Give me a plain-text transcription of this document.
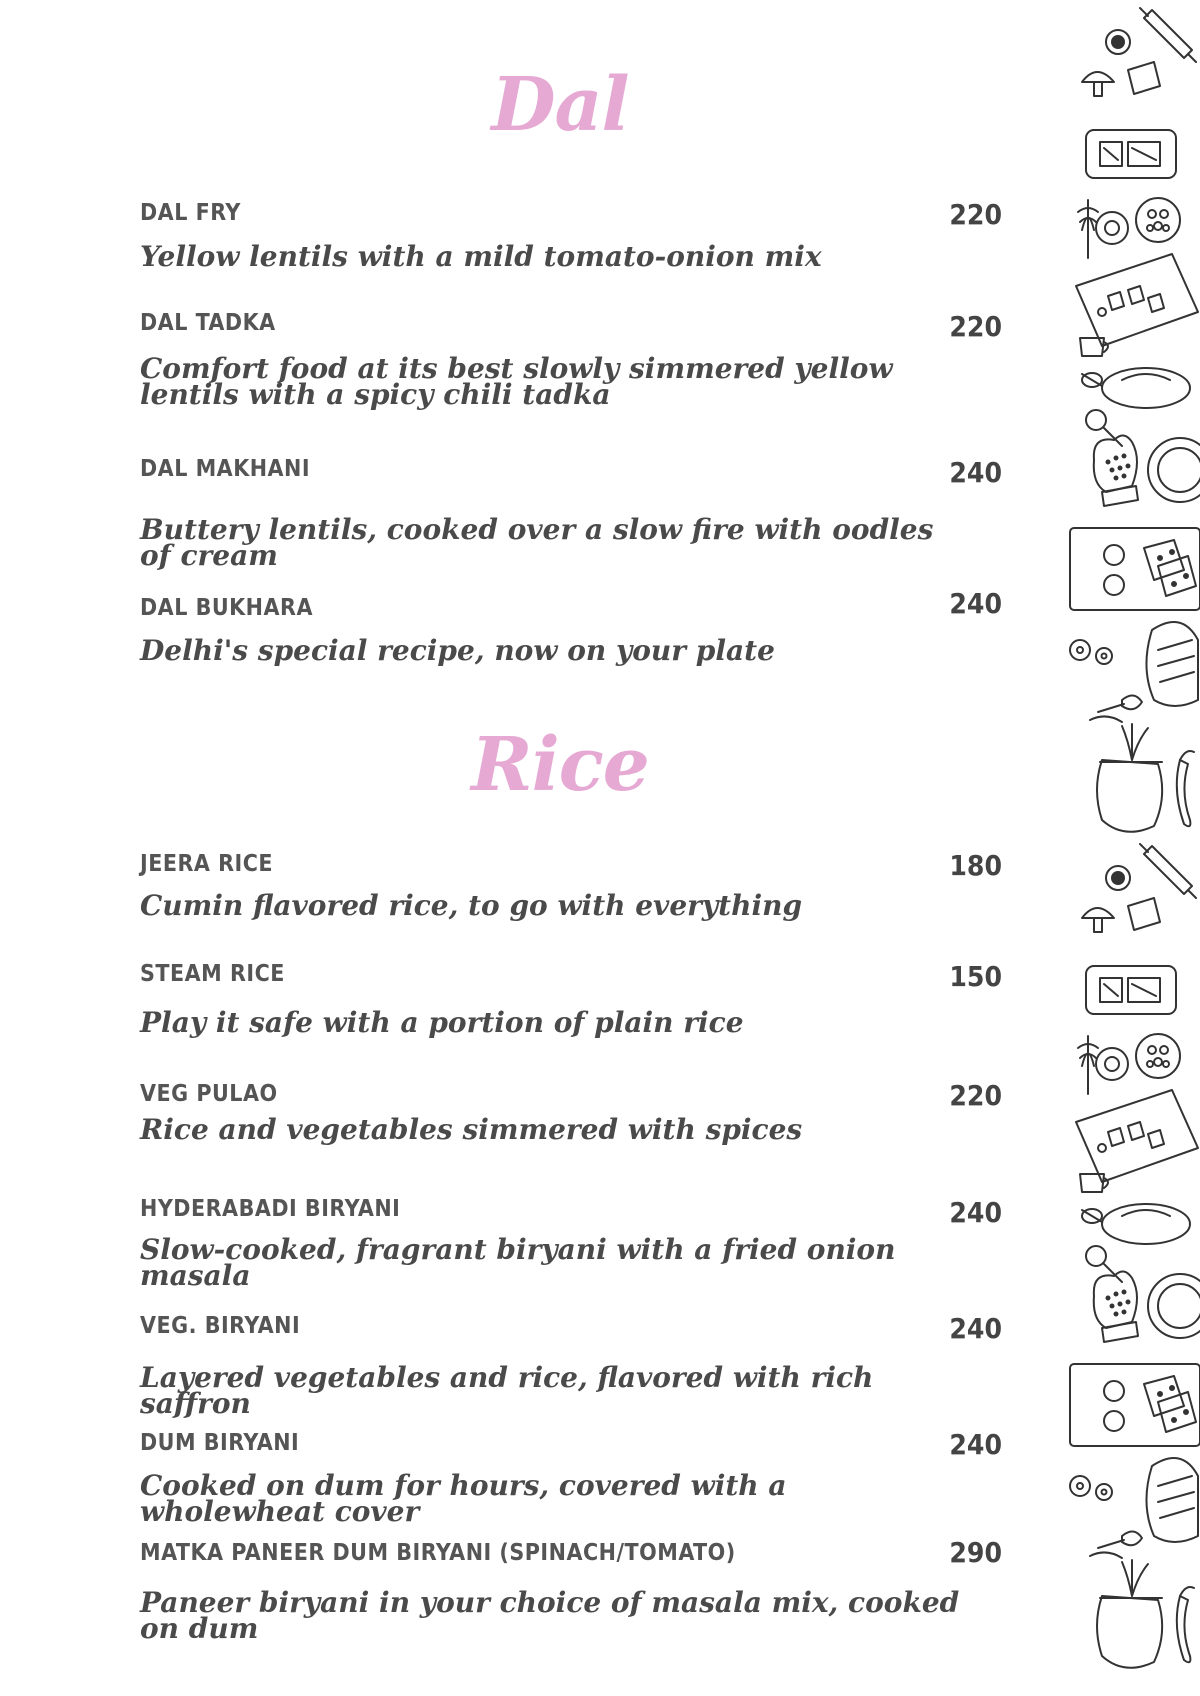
Dal
DAL FRY	220
Yellow lentils with a mild tomato-onion mix
DAL TADKA	220
Comfort food at its best slowly simmered yellow lentils with a spicy chili tadka
DAL MAKHANI	240
Buttery lentils, cooked over a slow fire with oodles of cream
DAL BUKHARA	240
Delhi's special recipe, now on your plate
Rice
JEERA RICE	180
Cumin flavored rice, to go with everything
STEAM RICE	150
Play it safe with a portion of plain rice
VEG PULAO	220
Rice and vegetables simmered with spices
HYDERABADI BIRYANI	240
Slow-cooked, fragrant biryani with a fried onion masala
VEG. BIRYANI	240
Layered vegetables and rice, flavored with rich saffron
DUM BIRYANI	240
Cooked on dum for hours, covered with a wholewheat cover
MATKA PANEER DUM BIRYANI (SPINACH/TOMATO)	290
Paneer biryani in your choice of masala mix, cooked on dum
